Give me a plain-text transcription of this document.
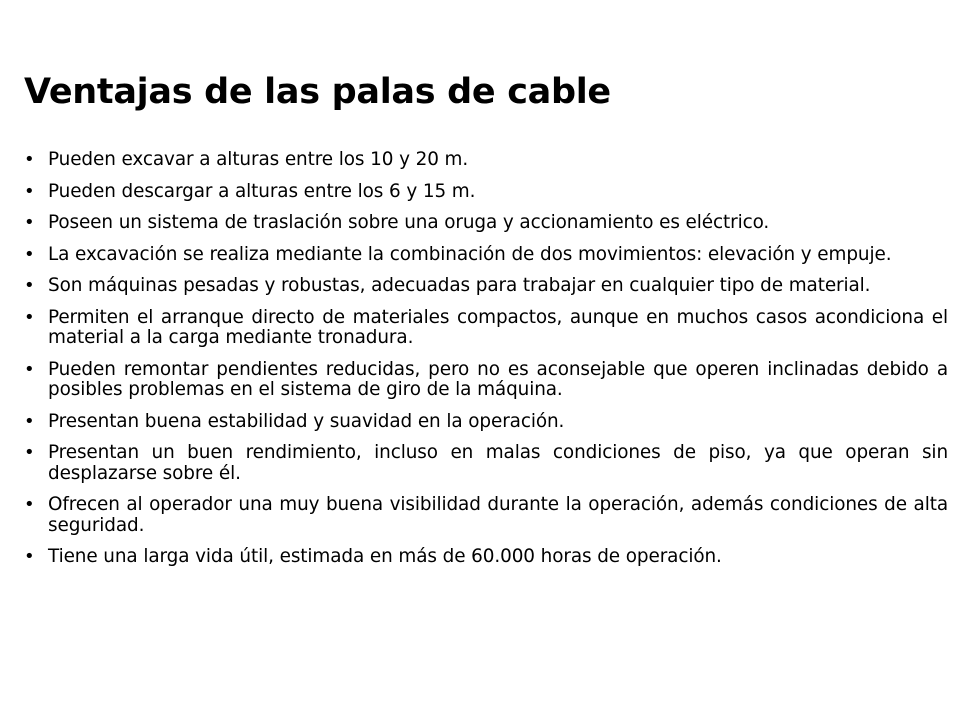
Ventajas de las palas de cable
• Pueden excavar a alturas entre los 10 y 20 m.
• Pueden descargar a alturas entre los 6 y 15 m.
• Poseen un sistema de traslación sobre una oruga y accionamiento es eléctrico.
• La excavación se realiza mediante la combinación de dos movimientos: elevación y empuje.
• Son máquinas pesadas y robustas, adecuadas para trabajar en cualquier tipo de material.
• Permiten el arranque directo de materiales compactos, aunque en muchos casos acondiciona el material a la carga mediante tronadura.
• Pueden remontar pendientes reducidas, pero no es aconsejable que operen inclinadas debido a posibles problemas en el sistema de giro de la máquina.
• Presentan buena estabilidad y suavidad en la operación.
• Presentan un buen rendimiento, incluso en malas condiciones de piso, ya que operan sin desplazarse sobre él.
• Ofrecen al operador una muy buena visibilidad durante la operación, además condiciones de alta seguridad.
• Tiene una larga vida útil, estimada en más de 60.000 horas de operación.
